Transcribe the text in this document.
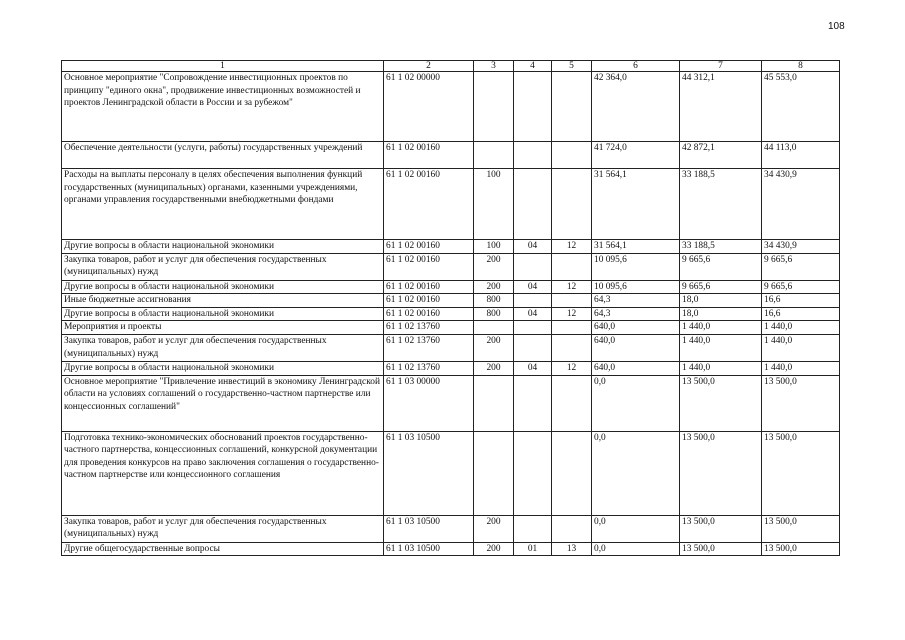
108
1	2	3	4	5	6	7	8
Основное мероприятие "Сопровождение инвестиционных проектов по принципу "единого окна", продвижение инвестиционных возможностей и проектов Ленинградской области в России и за рубежом"	61 1 02 00000				42 364,0	44 312,1	45 553,0
Обеспечение деятельности (услуги, работы) государственных учреждений	61 1 02 00160				41 724,0	42 872,1	44 113,0
Расходы на выплаты персоналу в целях обеспечения выполнения функций государственных (муниципальных) органами, казенными учреждениями, органами управления государственными внебюджетными фондами	61 1 02 00160	100			31 564,1	33 188,5	34 430,9
Другие вопросы в области национальной экономики	61 1 02 00160	100	04	12	31 564,1	33 188,5	34 430,9
Закупка товаров, работ и услуг для обеспечения государственных (муниципальных) нужд	61 1 02 00160	200			10 095,6	9 665,6	9 665,6
Другие вопросы в области национальной экономики	61 1 02 00160	200	04	12	10 095,6	9 665,6	9 665,6
Иные бюджетные ассигнования	61 1 02 00160	800			64,3	18,0	16,6
Другие вопросы в области национальной экономики	61 1 02 00160	800	04	12	64,3	18,0	16,6
Мероприятия и проекты	61 1 02 13760				640,0	1 440,0	1 440,0
Закупка товаров, работ и услуг для обеспечения государственных (муниципальных) нужд	61 1 02 13760	200			640,0	1 440,0	1 440,0
Другие вопросы в области национальной экономики	61 1 02 13760	200	04	12	640,0	1 440,0	1 440,0
Основное мероприятие "Привлечение инвестиций в экономику Ленинградской области на условиях соглашений о государственно-частном партнерстве или концессионных соглашений"	61 1 03 00000				0,0	13 500,0	13 500,0
Подготовка технико-экономических обоснований проектов государственно-частного партнерства, концессионных соглашений, конкурсной документации для проведения конкурсов на право заключения соглашения о государственно-частном партнерстве или концессионного соглашения	61 1 03 10500				0,0	13 500,0	13 500,0
Закупка товаров, работ и услуг для обеспечения государственных (муниципальных) нужд	61 1 03 10500	200			0,0	13 500,0	13 500,0
Другие общегосударственные вопросы	61 1 03 10500	200	01	13	0,0	13 500,0	13 500,0
